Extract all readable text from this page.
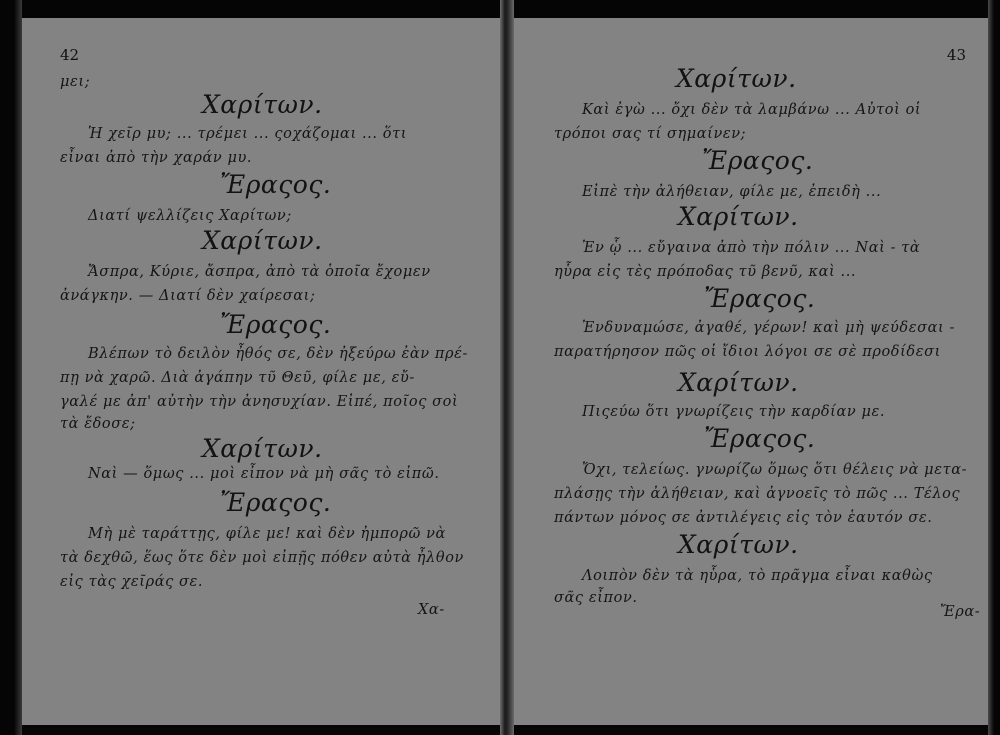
42
μει;
Χαρίτων.
Ἡ χεῖρ μυ; ... τρέμει ... ςοχάζομαι ... ὅτι
εἶναι ἀπὸ τὴν χαράν μυ.
Ἔραςος.
Διατί ψελλίζεις Χαρίτων;
Χαρίτων.
Ἄσπρα, Κύριε, ἄσπρα, ἀπὸ τὰ ὁποῖα ἔχομεν
ἀνάγκην. — Διατί δὲν χαίρεσαι;
Ἔραςος.
Βλέπων τὸ δειλὸν ἦθός σε, δὲν ἠξεύρω ἐὰν πρέ-
πῃ νὰ χαρῶ. Διὰ ἀγάπην τῦ Θεῦ, φίλε με, εὔ-
γαλέ με ἀπ' αὐτὴν τὴν ἀνησυχίαν. Εἰπέ, ποῖος σοὶ
τὰ ἔδοσε;
Χαρίτων.
Ναὶ — ὅμως ... μοὶ εἶπον νὰ μὴ σᾶς τὸ εἰπῶ.
Ἔραςος.
Μὴ μὲ ταράττῃς, φίλε με! καὶ δὲν ἠμπορῶ νὰ
τὰ δεχθῶ, ἕως ὅτε δὲν μοὶ εἰπῇς πόθεν αὐτὰ ἦλθον
εἰς τὰς χεῖράς σε.
Χα-
43
Χαρίτων.
Καὶ ἐγὼ ... ὄχι δὲν τὰ λαμβάνω ... Αὐτοὶ οἱ
τρόποι σας τί σημαίνεν;
Ἔραςος.
Εἰπὲ τὴν ἀλήθειαν, φίλε με, ἐπειδὴ ...
Χαρίτων.
Ἐν ᾧ ... εὔγαινα ἀπὸ τὴν πόλιν ... Ναὶ - τὰ
ηὗρα εἰς τὲς πρόποδας τῦ βενῦ, καὶ ...
Ἔραςος.
Ἐνδυναμώσε, ἀγαθέ, γέρων! καὶ μὴ ψεύδεσαι -
παρατήρησον πῶς οἱ ἴδιοι λόγοι σε σὲ προδίδεσι
Χαρίτων.
Πιςεύω ὅτι γνωρίζεις τὴν καρδίαν με.
Ἔραςος.
Ὄχι, τελείως. γνωρίζω ὅμως ὅτι θέλεις νὰ μετα-
πλάσῃς τὴν ἀλήθειαν, καὶ ἀγνοεῖς τὸ πῶς ... Τέλος
πάντων μόνος σε ἀντιλέγεις εἰς τὸν ἑαυτόν σε.
Χαρίτων.
Λοιπὸν δὲν τὰ ηὗρα, τὸ πρᾶγμα εἶναι καθὼς
σᾶς εἶπον.
Ἔρα-
